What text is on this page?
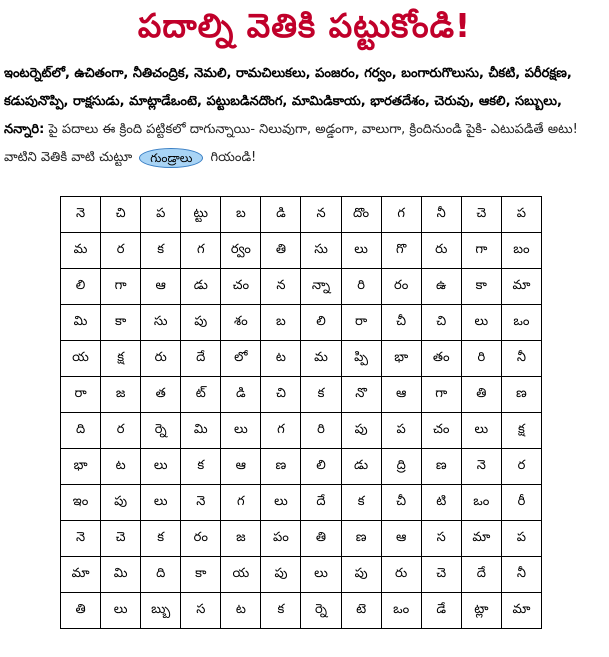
పదాల్ని వెతికి పట్టుకోండి!
ఇంటర్నెట్‌లో, ఉచితంగా, నీతిచంద్రిక, నెమలి, రామచిలుకలు, పంజరం, గర్వం, బంగారుగొలుసు, చీకటి, పరీరక్షణ, కడుపునొప్పి, రాక్షసుడు, మాట్లాడేఒంటె, పట్టుబడినదొంగ, మామిడికాయ, భారతదేశం, చెరువు, ఆకలి, సబ్బులు, నన్నారి: పై పదాలు ఈ క్రింది పట్టికలో దాగున్నాయి- నిలువుగా, అడ్డంగా, వాలుగా, క్రిందినుండి పైకి- ఎటుపడితే అటు! వాటిని వెతికి వాటి చుట్టూ గుండ్రాలు గియండి!
నె	చి	ప	ట్టు	బ	డి	న	దొం	గ	నీ	చె	ప
మ	ర	క	గ	ర్వం	తి	సు	లు	గొ	రు	గా	బం
లి	గా	ఆ	డు	చం	న	న్నా	రి	రం	ఉ	కా	మా
మి	కా	సు	పు	శం	బ	లి	రా	చీ	చి	లు	ఒం
య	క్ష	రు	దే	లో	ట	మ	ప్పి	భా	తం	రి	నీ
రా	జ	త	ట్	డి	చి	క	నొ	ఆ	గా	తి	ణ
ది	ర	ర్నె	మి	లు	గ	రి	పు	ప	చం	లు	క్ష
భా	ట	లు	క	ఆ	ణ	లి	డు	ద్రి	ణ	నె	ర
ఇం	పు	లు	నె	గ	లు	దే	క	చీ	టి	ఒం	రీ
నె	చె	క	రం	జ	పం	తి	ణ	ఆ	స	మా	ప
మా	మి	ది	కా	య	పు	లు	పు	రు	చె	దే	నీ
తి	లు	బ్బు	స	ట	క	ర్నె	టె	ఒం	డే	ట్లా	మా
